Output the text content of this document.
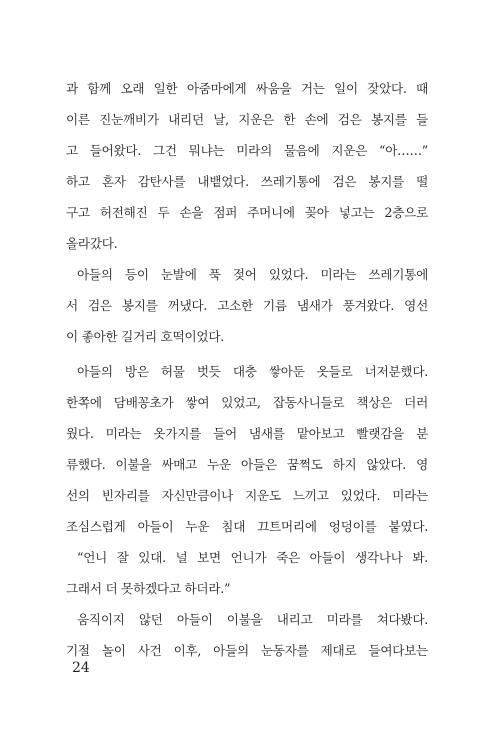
과 함께 오래 일한 아줌마에게 싸움을 거는 일이 잦았다. 때
이른 진눈깨비가 내리던 날, 지운은 한 손에 검은 봉지를 들
고 들어왔다. 그건 뭐냐는 미라의 물음에 지운은 “아……”
하고 혼자 감탄사를 내뱉었다. 쓰레기통에 검은 봉지를 떨
구고 허전해진 두 손을 점퍼 주머니에 꽂아 넣고는 2층으로
올라갔다.
아들의 등이 눈발에 푹 젖어 있었다. 미라는 쓰레기통에
서 검은 봉지를 꺼냈다. 고소한 기름 냄새가 풍겨왔다. 영선
이 좋아한 길거리 호떡이었다.
아들의 방은 허물 벗듯 대충 쌓아둔 옷들로 너저분했다.
한쪽에 담배꽁초가 쌓여 있었고, 잡동사니들로 책상은 더러
웠다. 미라는 옷가지를 들어 냄새를 맡아보고 빨랫감을 분
류했다. 이불을 싸매고 누운 아들은 꿈쩍도 하지 않았다. 영
선의 빈자리를 자신만큼이나 지운도 느끼고 있었다. 미라는
조심스럽게 아들이 누운 침대 끄트머리에 엉덩이를 붙였다.
“언니 잘 있대. 널 보면 언니가 죽은 아들이 생각나나 봐.
그래서 더 못하겠다고 하더라.”
움직이지 않던 아들이 이불을 내리고 미라를 쳐다봤다.
기절 놀이 사건 이후, 아들의 눈동자를 제대로 들여다보는
24
